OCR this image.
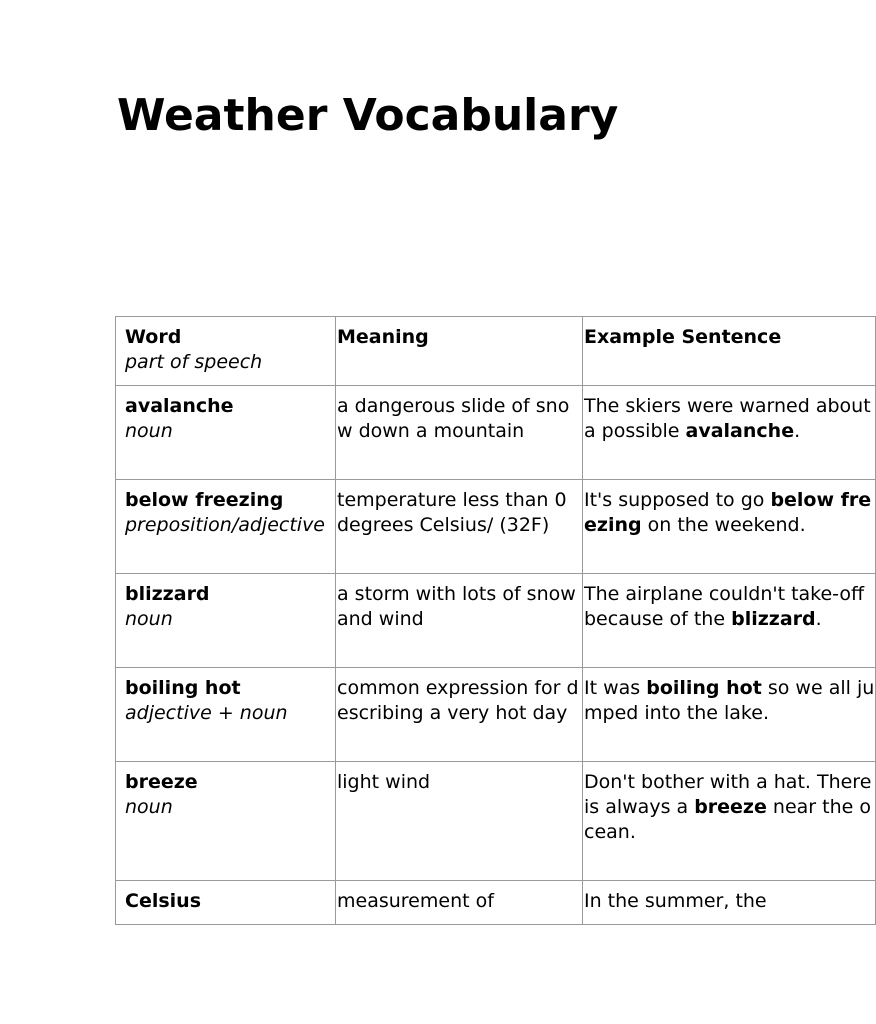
Weather Vocabulary
Word
part of speech	Meaning	Example Sentence

avalanche
noun	a dangerous slide of snow down a mountain	The skiers were warned about a possible avalanche.

below freezing
preposition/adjective	temperature less than 0 degrees Celsius/ (32F)	It's supposed to go below freezing on the weekend.

blizzard
noun	a storm with lots of snow and wind	The airplane couldn't take-off because of the blizzard.

boiling hot
adjective + noun	common expression for describing a very hot day	It was boiling hot so we all jumped into the lake.

breeze
noun	light wind	Don't bother with a hat. There is always a breeze near the ocean.

Celsius	measurement of	In the summer, the
